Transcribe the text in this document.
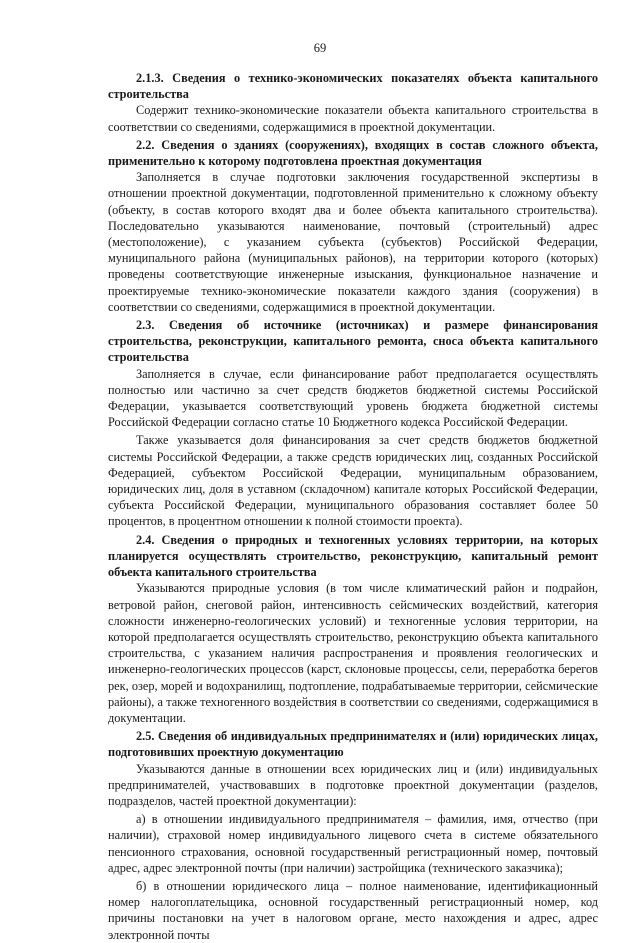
69

2.1.3. Сведения о технико-экономических показателях объекта капитального строительства

Содержит технико-экономические показатели объекта капитального строительства в соответствии со сведениями, содержащимися в проектной документации.

2.2. Сведения о зданиях (сооружениях), входящих в состав сложного объекта, применительно к которому подготовлена проектная документация

Заполняется в случае подготовки заключения государственной экспертизы в отношении проектной документации, подготовленной применительно к сложному объекту (объекту, в состав которого входят два и более объекта капитального строительства). Последовательно указываются наименование, почтовый (строительный) адрес (местоположение), с указанием субъекта (субъектов) Российской Федерации, муниципального района (муниципальных районов), на территории которого (которых) проведены соответствующие инженерные изыскания, функциональное назначение и проектируемые технико-экономические показатели каждого здания (сооружения) в соответствии со сведениями, содержащимися в проектной документации.

2.3. Сведения об источнике (источниках) и размере финансирования строительства, реконструкции, капитального ремонта, сноса объекта капитального строительства

Заполняется в случае, если финансирование работ предполагается осуществлять полностью или частично за счет средств бюджетов бюджетной системы Российской Федерации, указывается соответствующий уровень бюджета бюджетной системы Российской Федерации согласно статье 10 Бюджетного кодекса Российской Федерации.

Также указывается доля финансирования за счет средств бюджетов бюджетной системы Российской Федерации, а также средств юридических лиц, созданных Российской Федерацией, субъектом Российской Федерации, муниципальным образованием, юридических лиц, доля в уставном (складочном) капитале которых Российской Федерации, субъекта Российской Федерации, муниципального образования составляет более 50 процентов, в процентном отношении к полной стоимости проекта).

2.4. Сведения о природных и техногенных условиях территории, на которых планируется осуществлять строительство, реконструкцию, капитальный ремонт объекта капитального строительства

Указываются природные условия (в том числе климатический район и подрайон, ветровой район, снеговой район, интенсивность сейсмических воздействий, категория сложности инженерно-геологических условий) и техногенные условия территории, на которой предполагается осуществлять строительство, реконструкцию объекта капитального строительства, с указанием наличия распространения и проявления геологических и инженерно-геологических процессов (карст, склоновые процессы, сели, переработка берегов рек, озер, морей и водохранилищ, подтопление, подрабатываемые территории, сейсмические районы), а также техногенного воздействия в соответствии со сведениями, содержащимися в документации.

2.5. Сведения об индивидуальных предпринимателях и (или) юридических лицах, подготовивших проектную документацию

Указываются данные в отношении всех юридических лиц и (или) индивидуальных предпринимателей, участвовавших в подготовке проектной документации (разделов, подразделов, частей проектной документации):

а) в отношении индивидуального предпринимателя – фамилия, имя, отчество (при наличии), страховой номер индивидуального лицевого счета в системе обязательного пенсионного страхования, основной государственный регистрационный номер, почтовый адрес, адрес электронной почты (при наличии) застройщика (технического заказчика);

б) в отношении юридического лица – полное наименование, идентификационный номер налогоплательщика, основной государственный регистрационный номер, код причины постановки на учет в налоговом органе, место нахождения и адрес, адрес электронной почты
